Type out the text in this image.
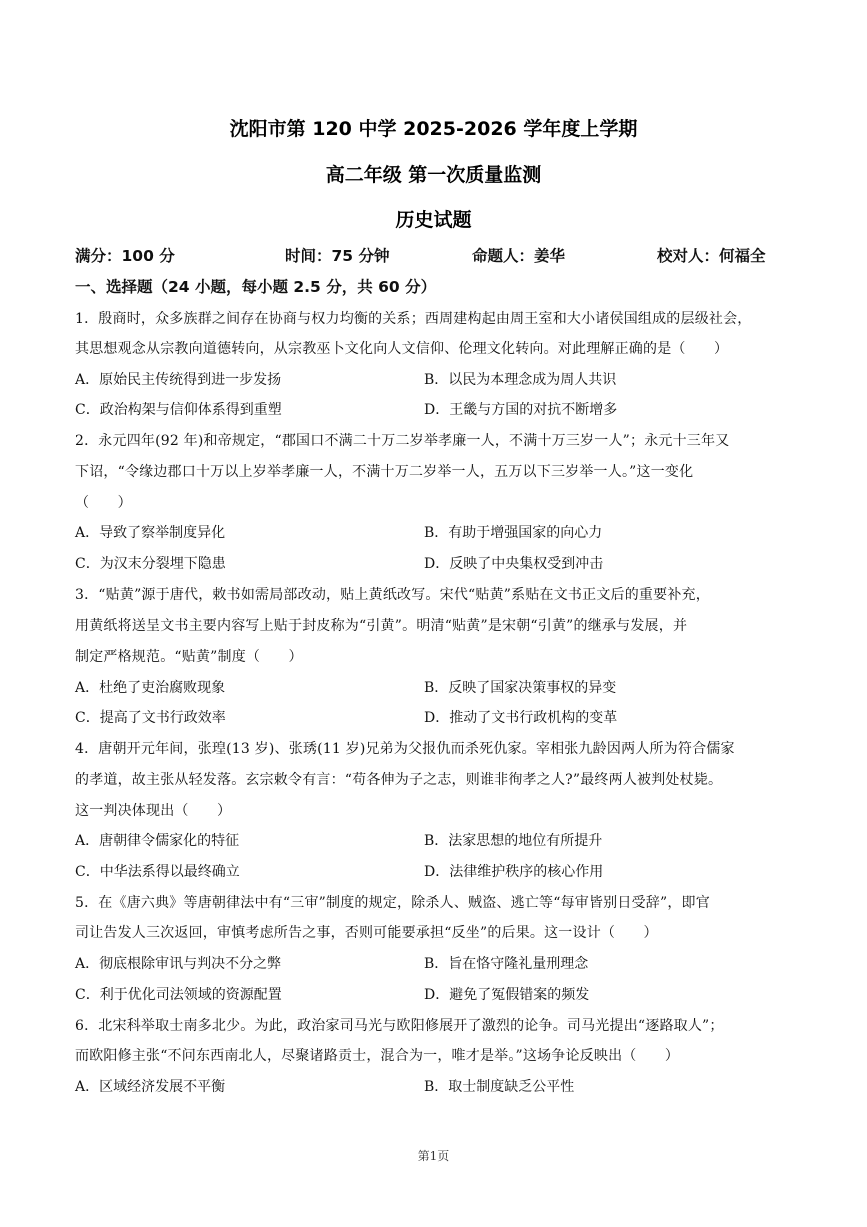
沈阳市第 120 中学 2025-2026 学年度上学期
高二年级 第一次质量监测
历史试题
满分：100 分	时间：75 分钟	命题人：姜华	校对人：何福全
一、选择题（24 小题，每小题 2.5 分，共 60 分）
1．殷商时，众多族群之间存在协商与权力均衡的关系；西周建构起由周王室和大小诸侯国组成的层级社会，
其思想观念从宗教向道德转向，从宗教巫卜文化向人文信仰、伦理文化转向。对此理解正确的是（　　）
A．原始民主传统得到进一步发扬	B．以民为本理念成为周人共识
C．政治构架与信仰体系得到重塑	D．王畿与方国的对抗不断增多
2．永元四年(92 年)和帝规定，“郡国口不满二十万二岁举孝廉一人，不满十万三岁一人”；永元十三年又
下诏，“令缘边郡口十万以上岁举孝廉一人，不满十万二岁举一人，五万以下三岁举一人。”这一变化
（　　）
A．导致了察举制度异化	B．有助于增强国家的向心力
C．为汉末分裂埋下隐患	D．反映了中央集权受到冲击
3．“贴黄”源于唐代，敕书如需局部改动，贴上黄纸改写。宋代“贴黄”系贴在文书正文后的重要补充，
用黄纸将送呈文书主要内容写上贴于封皮称为“引黄”。明清“贴黄”是宋朝“引黄”的继承与发展，并
制定严格规范。“贴黄”制度（　　）
A．杜绝了吏治腐败现象	B．反映了国家决策事权的异变
C．提高了文书行政效率	D．推动了文书行政机构的变革
4．唐朝开元年间，张瑝(13 岁)、张琇(11 岁)兄弟为父报仇而杀死仇家。宰相张九龄因两人所为符合儒家
的孝道，故主张从轻发落。玄宗敕令有言：“苟各伸为子之志，则谁非徇孝之人?”最终两人被判处杖毙。
这一判决体现出（　　）
A．唐朝律令儒家化的特征	B．法家思想的地位有所提升
C．中华法系得以最终确立	D．法律维护秩序的核心作用
5．在《唐六典》等唐朝律法中有“三审”制度的规定，除杀人、贼盗、逃亡等“每审皆别日受辞”，即官
司让告发人三次返回，审慎考虑所告之事，否则可能要承担“反坐”的后果。这一设计（　　）
A．彻底根除审讯与判决不分之弊	B．旨在恪守隆礼量刑理念
C．利于优化司法领域的资源配置	D．避免了冤假错案的频发
6．北宋科举取士南多北少。为此，政治家司马光与欧阳修展开了激烈的论争。司马光提出“逐路取人”；
而欧阳修主张“不问东西南北人，尽聚诸路贡士，混合为一，唯才是举。”这场争论反映出（　　）
A．区域经济发展不平衡	B．取士制度缺乏公平性
第1页
